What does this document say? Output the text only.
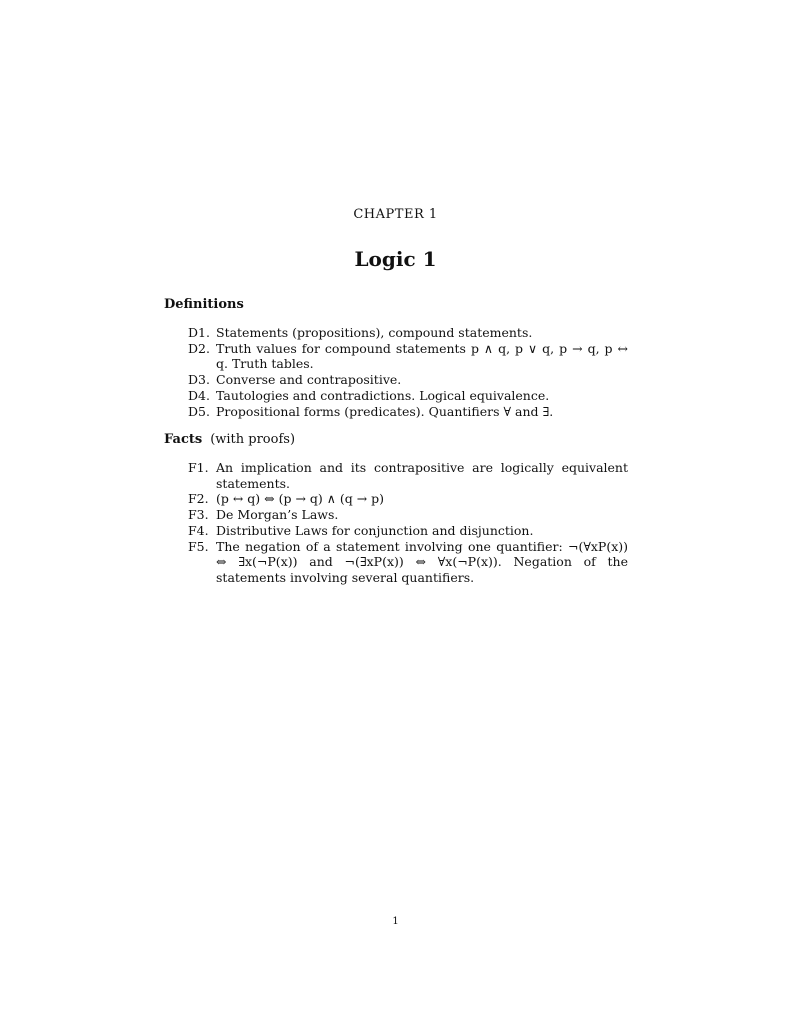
CHAPTER 1
Logic 1
Definitions
D1. Statements (propositions), compound statements.
D2. Truth values for compound statements p ∧ q, p ∨ q, p → q, p ↔ q. Truth tables.
D3. Converse and contrapositive.
D4. Tautologies and contradictions. Logical equivalence.
D5. Propositional forms (predicates). Quantifiers ∀ and ∃.
Facts (with proofs)
F1. An implication and its contrapositive are logically equivalent statements.
F2. (p ↔ q) ⇔ (p → q) ∧ (q → p)
F3. De Morgan’s Laws.
F4. Distributive Laws for conjunction and disjunction.
F5. The negation of a statement involving one quantifier: ¬(∀xP(x)) ⇔ ∃x(¬P(x)) and ¬(∃xP(x)) ⇔ ∀x(¬P(x)). Negation of the statements involving several quantifiers.
1
